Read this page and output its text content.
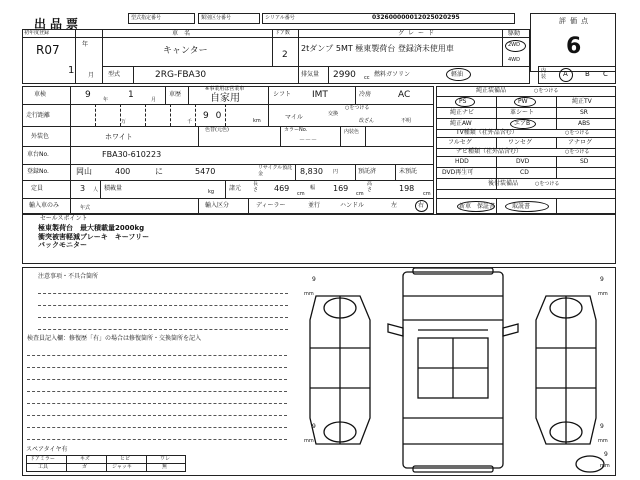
出品票	型式指定番号	類別区分番号	シリアル番号	032600000012025020295	評価点
6
初年度登録
R07	年
1 月
車名
キャンター
ドア数
2
グレード
2tダンプ 5MT 極東製荷台 登録済未使用車
駆動
2WD
4WD
型式	2RG-FBA30	排気量 2990 cc 燃料 ガソリン	軽油	内装	A B C
車検	9 年 1	月
車歴
※事業用は営業車
自家用	シフト IMT	冷房	AC
走行距離
万	千
9 0	km
○をつける
マイル	交換
改ざん	不明
外装色	ホワイト
色替(元色)	カラーNo.
－－－
内装色
車台No.	FBA30-610223
登録No.	岡山	400	に	5470	リサイクル預託金	8,830 円	預託済	未預託
定員	3 人 積載量	kg 諸元
長さ	469
cm
幅 169
cm
高さ	198
cm
輸入車のみ	年式	輸入区分	ディーラー	並行	ハンドル	左	右
純正装備品	○をつける
PS	PW	純正TV
純正ナビ	革シート	SR
純正AW	エアB	ABS
TV種類（社外品含む）	○をつける
フルセグ	ワンセグ	アナログ
ナビ種類（社外品含む）	○をつける
HDD	DVD	SD
DVD再生可	CD
後付装備品	○をつける
新車 保証書	取説書
セールスポイント
極東製荷台　最大積載量2000kg
衝突被害軽減ブレーキ　キーフリー
バックモニター
注意事項・不具合箇所
検査員記入欄：修復歴「有」の場合は修復箇所・交換箇所を記入
スペアタイヤ有
ドアミラー	キズ	ヒビ	ワレ
工具	ガ	ジャッキ	無
9
mm
9
mm
9
mm
9
mm
9
mm
